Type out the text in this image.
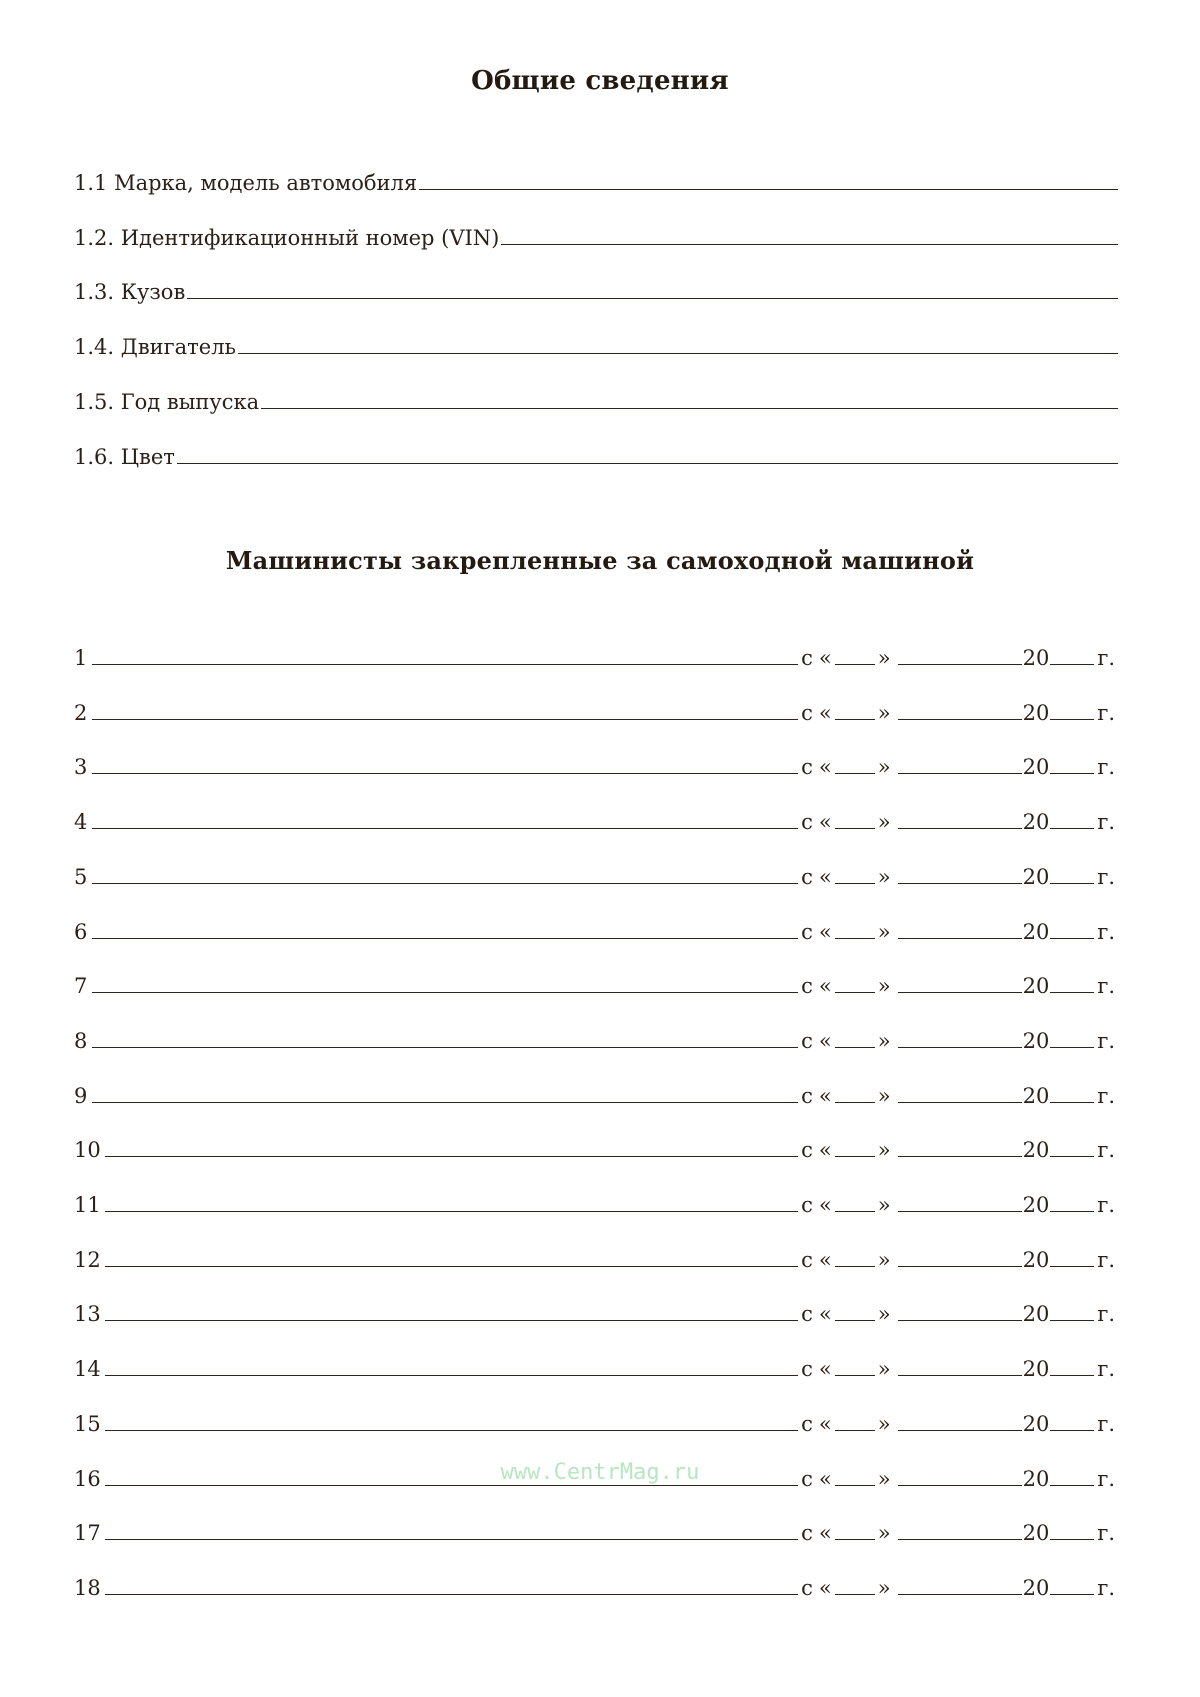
Общие сведения
1.1 Марка, модель автомобиля
1.2. Идентификационный номер (VIN)
1.3. Кузов
1.4. Двигатель
1.5. Год выпуска
1.6. Цвет
Машинисты закрепленные за самоходной машиной
1	с « »	20 г.
2	с « »	20 г.
3	с « »	20 г.
4	с « »	20 г.
5	с « »	20 г.
6	с « »	20 г.
7	с « »	20 г.
8	с « »	20 г.
9	с « »	20 г.
10	с « »	20 г.
11	с « »	20 г.
12	с « »	20 г.
13	с « »	20 г.
14	с « »	20 г.
15	с « »	20 г.
16	с « »	20 г.
17	с « »	20 г.
18	с « »	20 г.
www.CentrMag.ru
